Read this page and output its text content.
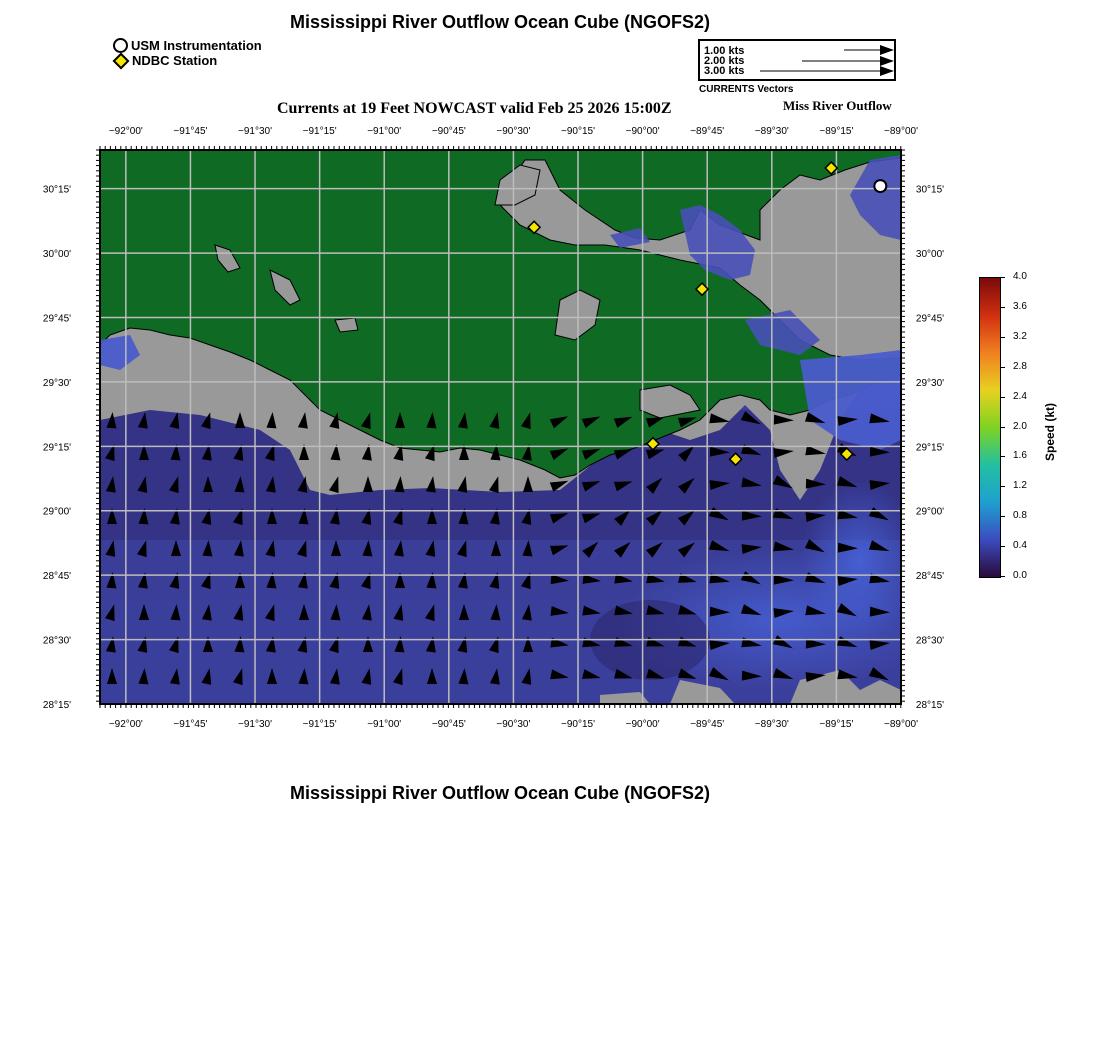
Mississippi River Outflow Ocean Cube (NGOFS2)
USM Instrumentation
NDBC Station
1.00 kts
2.00 kts
3.00 kts
CURRENTS Vectors
Currents at 19 Feet NOWCAST valid Feb 25 2026 15:00Z	Miss River Outflow
−92°00'
−92°00'
−91°45'
−91°45'
−91°30'
−91°30'
−91°15'
−91°15'
−91°00'
−91°00'
−90°45'
−90°45'
−90°30'
−90°30'
−90°15'
−90°15'
−90°00'
−90°00'
−89°45'
−89°45'
−89°30'
−89°30'
−89°15'
−89°15'
−89°00'
−89°00'
30°15'	30°15'
30°00'	30°00'
29°45'	29°45'
29°30'	29°30'
29°15'	29°15'
29°00'	29°00'
28°45'	28°45'
28°30'	28°30'
28°15'	28°15'
4.0
3.6
3.2
2.8
2.4
2.0
1.6
1.2
0.8
0.4
0.0
Speed (kt)
Mississippi River Outflow Ocean Cube (NGOFS2)
